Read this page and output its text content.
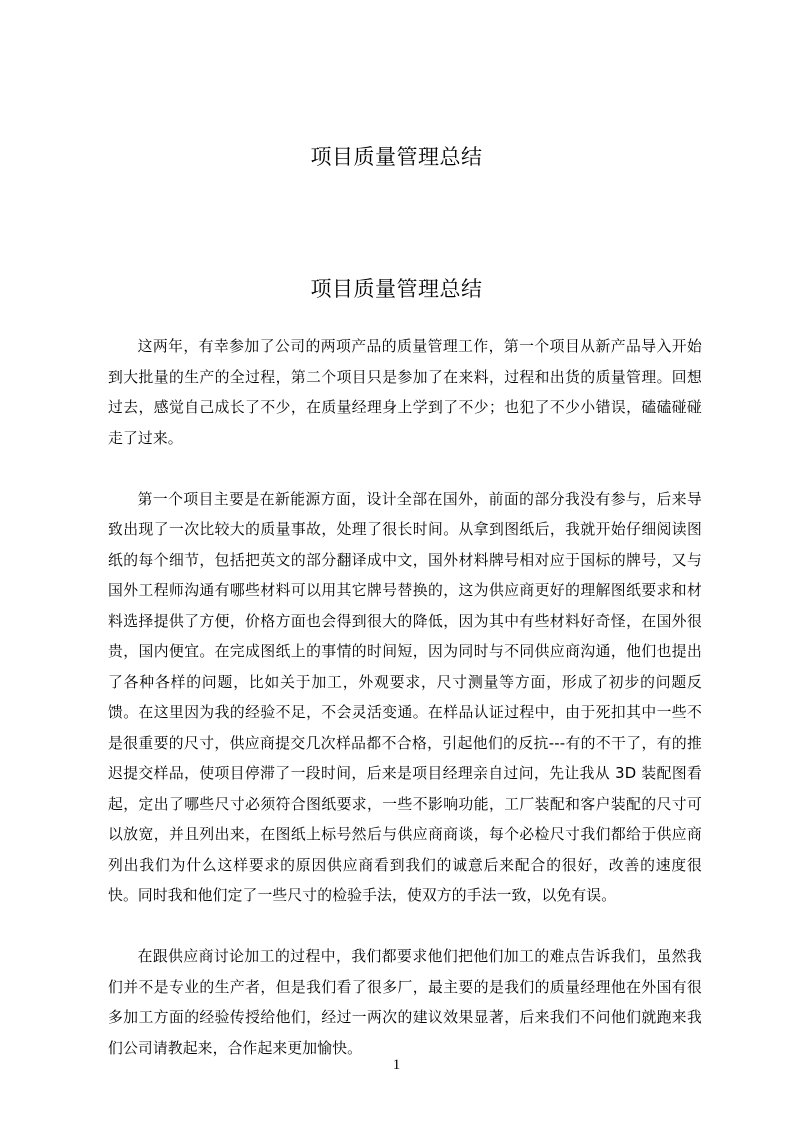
项目质量管理总结
项目质量管理总结

这两年，有幸参加了公司的两项产品的质量管理工作，第一个项目从新产品导入开始到大批量的生产的全过程，第二个项目只是参加了在来料，过程和出货的质量管理。回想过去，感觉自己成长了不少，在质量经理身上学到了不少；也犯了不少小错误，磕磕碰碰走了过来。

第一个项目主要是在新能源方面，设计全部在国外，前面的部分我没有参与，后来导致出现了一次比较大的质量事故，处理了很长时间。从拿到图纸后，我就开始仔细阅读图纸的每个细节，包括把英文的部分翻译成中文，国外材料牌号相对应于国标的牌号，又与国外工程师沟通有哪些材料可以用其它牌号替换的，这为供应商更好的理解图纸要求和材料选择提供了方便，价格方面也会得到很大的降低，因为其中有些材料好奇怪，在国外很贵，国内便宜。在完成图纸上的事情的时间短，因为同时与不同供应商沟通，他们也提出了各种各样的问题，比如关于加工，外观要求，尺寸测量等方面，形成了初步的问题反馈。在这里因为我的经验不足，不会灵活变通。在样品认证过程中，由于死扣其中一些不是很重要的尺寸，供应商提交几次样品都不合格，引起他们的反抗---有的不干了，有的推迟提交样品，使项目停滞了一段时间，后来是项目经理亲自过问，先让我从 3D 装配图看起，定出了哪些尺寸必须符合图纸要求，一些不影响功能，工厂装配和客户装配的尺寸可以放宽，并且列出来，在图纸上标号然后与供应商商谈，每个必检尺寸我们都给于供应商列出我们为什么这样要求的原因供应商看到我们的诚意后来配合的很好，改善的速度很快。同时我和他们定了一些尺寸的检验手法，使双方的手法一致，以免有误。

在跟供应商讨论加工的过程中，我们都要求他们把他们加工的难点告诉我们，虽然我们并不是专业的生产者，但是我们看了很多厂，最主要的是我们的质量经理他在外国有很多加工方面的经验传授给他们，经过一两次的建议效果显著，后来我们不问他们就跑来我们公司请教起来，合作起来更加愉快。

1
